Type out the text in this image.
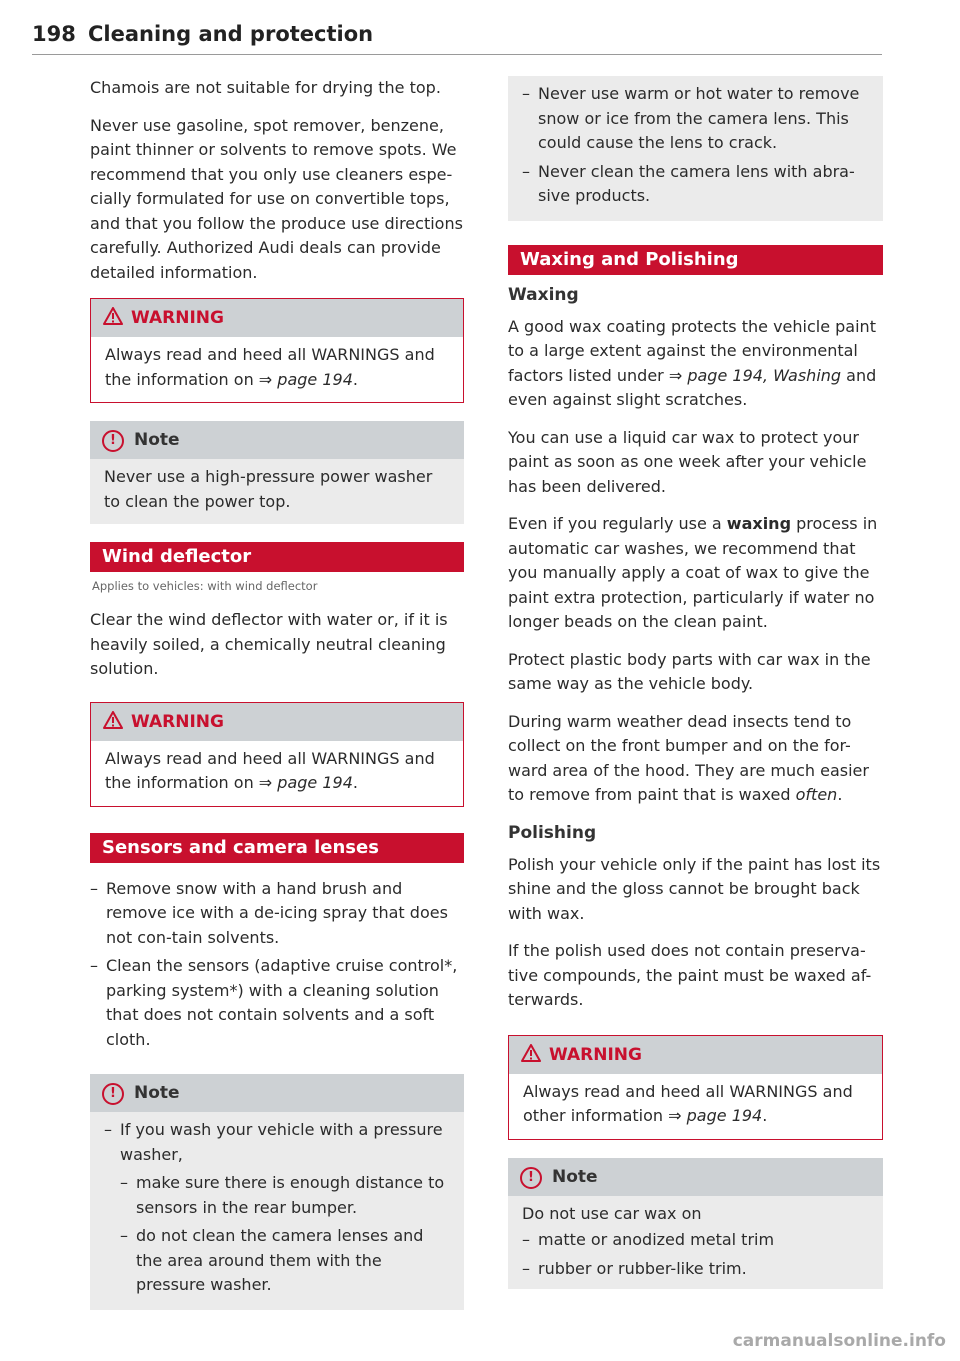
198 Cleaning and protection

Chamois are not suitable for drying the top.

Never use gasoline, spot remover, benzene, paint thinner or solvents to remove spots. We recommend that you only use cleaners espe-cially formulated for use on convertible tops, and that you follow the produce use directions carefully. Authorized Audi deals can provide detailed information.

WARNING

Always read and heed all WARNINGS and the information on ⇒ page 194.

! Note

Never use a high-pressure power washer to clean the power top.

Wind deflector
Applies to vehicles: with wind deflector

Clear the wind deflector with water or, if it is heavily soiled, a chemically neutral cleaning solution.

WARNING

Always read and heed all WARNINGS and the information on ⇒ page 194.

Sensors and camera lenses
– Remove snow with a hand brush and remove ice with a de-icing spray that does not con-tain solvents.
– Clean the sensors (adaptive cruise control*, parking system*) with a cleaning solution that does not contain solvents and a soft cloth.
! Note
– If you wash your vehicle with a pressure washer,
– make sure there is enough distance to sensors in the rear bumper.
– do not clean the camera lenses and the area around them with the pressure washer.
– Never use warm or hot water to remove snow or ice from the camera lens. This could cause the lens to crack.
– Never clean the camera lens with abra-sive products.
Waxing and Polishing
Waxing

A good wax coating protects the vehicle paint to a large extent against the environmental factors listed under ⇒ page 194, Washing and even against slight scratches.

You can use a liquid car wax to protect your paint as soon as one week after your vehicle has been delivered.

Even if you regularly use a waxing process in automatic car washes, we recommend that you manually apply a coat of wax to give the paint extra protection, particularly if water no longer beads on the clean paint.

Protect plastic body parts with car wax in the same way as the vehicle body.

During warm weather dead insects tend to collect on the front bumper and on the for-ward area of the hood. They are much easier to remove from paint that is waxed often.

Polishing

Polish your vehicle only if the paint has lost its shine and the gloss cannot be brought back with wax.

If the polish used does not contain preserva-tive compounds, the paint must be waxed af-terwards.

WARNING

Always read and heed all WARNINGS and other information ⇒ page 194.

! Note

Do not use car wax on

– matte or anodized metal trim
– rubber or rubber-like trim.
carmanualsonline.info
